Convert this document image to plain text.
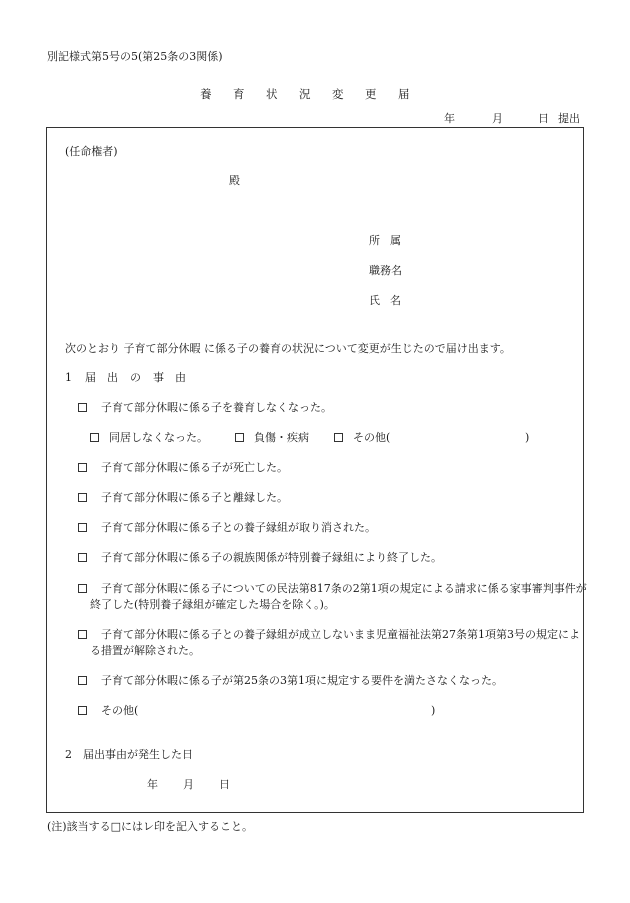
別記様式第5号の5(第25条の3関係)
養 育 状 況 変 更 届
年	月	日 提出
(任命権者)
殿
所 属
職務名
氏 名
次のとおり 子育て部分休暇 に係る子の養育の状況について変更が生じたので届け出ます。
1 届 出 の 事 由
子育て部分休暇に係る子を養育しなくなった。
同居しなくなった。	負傷・疾病	その他(	)
子育て部分休暇に係る子が死亡した。
子育て部分休暇に係る子と離縁した。
子育て部分休暇に係る子との養子縁組が取り消された。
子育て部分休暇に係る子の親族関係が特別養子縁組により終了した。
子育て部分休暇に係る子についての民法第817条の2第1項の規定による請求に係る家事審判事件が終了した(特別養子縁組が確定した場合を除く。)。
子育て部分休暇に係る子との養子縁組が成立しないまま児童福祉法第27条第1項第3号の規定による措置が解除された。
子育て部分休暇に係る子が第25条の3第1項に規定する要件を満たさなくなった。
その他(	)
2　届出事由が発生した日
年 月 日
(注)該当する□にはレ印を記入すること。
